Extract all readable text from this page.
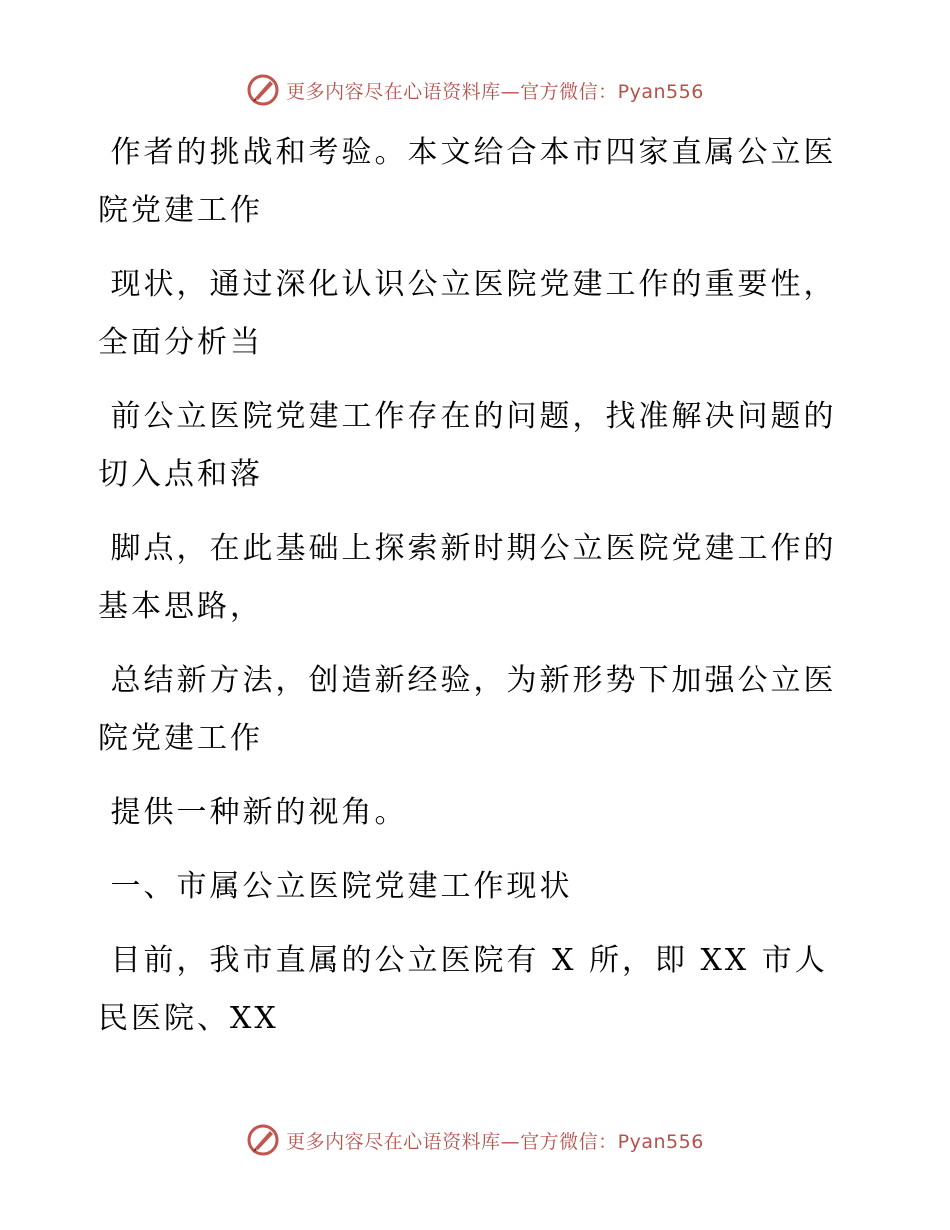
更多内容尽在心语资料库—官方微信：Pyan556

作者的挑战和考验。本文给合本市四家直属公立医院党建工作

现状，通过深化认识公立医院党建工作的重要性，全面分析当

前公立医院党建工作存在的问题，找准解决问题的切入点和落

脚点，在此基础上探索新时期公立医院党建工作的基本思路，

总结新方法，创造新经验，为新形势下加强公立医院党建工作

提供一种新的视角。

一、市属公立医院党建工作现状

目前，我市直属的公立医院有 X 所，即 XX 市人民医院、XX

更多内容尽在心语资料库—官方微信：Pyan556
